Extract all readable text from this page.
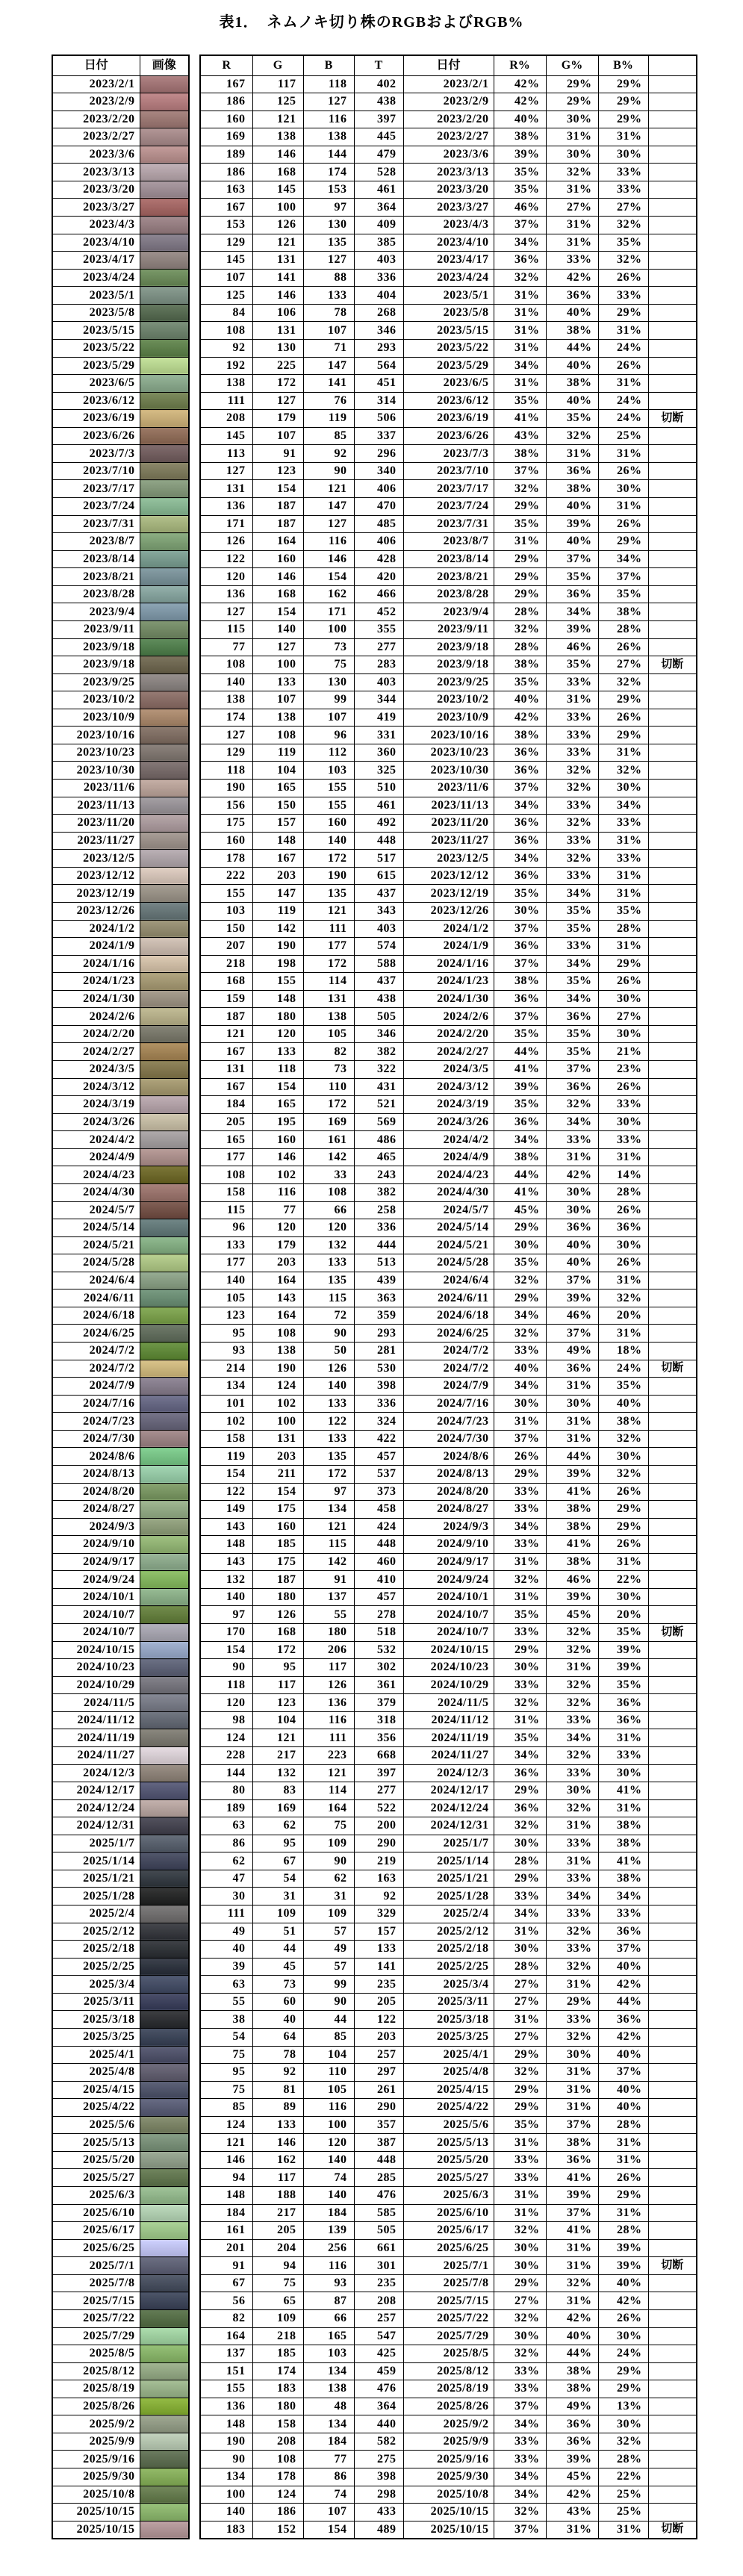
表1．　ネムノキ切り株のRGBおよびRGB%
日付	画像
2023/2/1	
2023/2/9	
2023/2/20	
2023/2/27	
2023/3/6	
2023/3/13	
2023/3/20	
2023/3/27	
2023/4/3	
2023/4/10	
2023/4/17	
2023/4/24	
2023/5/1	
2023/5/8	
2023/5/15	
2023/5/22	
2023/5/29	
2023/6/5	
2023/6/12	
2023/6/19	
2023/6/26	
2023/7/3	
2023/7/10	
2023/7/17	
2023/7/24	
2023/7/31	
2023/8/7	
2023/8/14	
2023/8/21	
2023/8/28	
2023/9/4	
2023/9/11	
2023/9/18	
2023/9/18	
2023/9/25	
2023/10/2	
2023/10/9	
2023/10/16	
2023/10/23	
2023/10/30	
2023/11/6	
2023/11/13	
2023/11/20	
2023/11/27	
2023/12/5	
2023/12/12	
2023/12/19	
2023/12/26	
2024/1/2	
2024/1/9	
2024/1/16	
2024/1/23	
2024/1/30	
2024/2/6	
2024/2/20	
2024/2/27	
2024/3/5	
2024/3/12	
2024/3/19	
2024/3/26	
2024/4/2	
2024/4/9	
2024/4/23	
2024/4/30	
2024/5/7	
2024/5/14	
2024/5/21	
2024/5/28	
2024/6/4	
2024/6/11	
2024/6/18	
2024/6/25	
2024/7/2	
2024/7/2	
2024/7/9	
2024/7/16	
2024/7/23	
2024/7/30	
2024/8/6	
2024/8/13	
2024/8/20	
2024/8/27	
2024/9/3	
2024/9/10	
2024/9/17	
2024/9/24	
2024/10/1	
2024/10/7	
2024/10/7	
2024/10/15	
2024/10/23	
2024/10/29	
2024/11/5	
2024/11/12	
2024/11/19	
2024/11/27	
2024/12/3	
2024/12/17	
2024/12/24	
2024/12/31	
2025/1/7	
2025/1/14	
2025/1/21	
2025/1/28	
2025/2/4	
2025/2/12	
2025/2/18	
2025/2/25	
2025/3/4	
2025/3/11	
2025/3/18	
2025/3/25	
2025/4/1	
2025/4/8	
2025/4/15	
2025/4/22	
2025/5/6	
2025/5/13	
2025/5/20	
2025/5/27	
2025/6/3	
2025/6/10	
2025/6/17	
2025/6/25	
2025/7/1	
2025/7/8	
2025/7/15	
2025/7/22	
2025/7/29	
2025/8/5	
2025/8/12	
2025/8/19	
2025/8/26	
2025/9/2	
2025/9/9	
2025/9/16	
2025/9/30	
2025/10/8	
2025/10/15	
2025/10/15	
R	G	B	T	日付	R%	G%	B%	
167	117	118	402	2023/2/1	42%	29%	29%	
186	125	127	438	2023/2/9	42%	29%	29%	
160	121	116	397	2023/2/20	40%	30%	29%	
169	138	138	445	2023/2/27	38%	31%	31%	
189	146	144	479	2023/3/6	39%	30%	30%	
186	168	174	528	2023/3/13	35%	32%	33%	
163	145	153	461	2023/3/20	35%	31%	33%	
167	100	97	364	2023/3/27	46%	27%	27%	
153	126	130	409	2023/4/3	37%	31%	32%	
129	121	135	385	2023/4/10	34%	31%	35%	
145	131	127	403	2023/4/17	36%	33%	32%	
107	141	88	336	2023/4/24	32%	42%	26%	
125	146	133	404	2023/5/1	31%	36%	33%	
84	106	78	268	2023/5/8	31%	40%	29%	
108	131	107	346	2023/5/15	31%	38%	31%	
92	130	71	293	2023/5/22	31%	44%	24%	
192	225	147	564	2023/5/29	34%	40%	26%	
138	172	141	451	2023/6/5	31%	38%	31%	
111	127	76	314	2023/6/12	35%	40%	24%	
208	179	119	506	2023/6/19	41%	35%	24%	切断
145	107	85	337	2023/6/26	43%	32%	25%	
113	91	92	296	2023/7/3	38%	31%	31%	
127	123	90	340	2023/7/10	37%	36%	26%	
131	154	121	406	2023/7/17	32%	38%	30%	
136	187	147	470	2023/7/24	29%	40%	31%	
171	187	127	485	2023/7/31	35%	39%	26%	
126	164	116	406	2023/8/7	31%	40%	29%	
122	160	146	428	2023/8/14	29%	37%	34%	
120	146	154	420	2023/8/21	29%	35%	37%	
136	168	162	466	2023/8/28	29%	36%	35%	
127	154	171	452	2023/9/4	28%	34%	38%	
115	140	100	355	2023/9/11	32%	39%	28%	
77	127	73	277	2023/9/18	28%	46%	26%	
108	100	75	283	2023/9/18	38%	35%	27%	切断
140	133	130	403	2023/9/25	35%	33%	32%	
138	107	99	344	2023/10/2	40%	31%	29%	
174	138	107	419	2023/10/9	42%	33%	26%	
127	108	96	331	2023/10/16	38%	33%	29%	
129	119	112	360	2023/10/23	36%	33%	31%	
118	104	103	325	2023/10/30	36%	32%	32%	
190	165	155	510	2023/11/6	37%	32%	30%	
156	150	155	461	2023/11/13	34%	33%	34%	
175	157	160	492	2023/11/20	36%	32%	33%	
160	148	140	448	2023/11/27	36%	33%	31%	
178	167	172	517	2023/12/5	34%	32%	33%	
222	203	190	615	2023/12/12	36%	33%	31%	
155	147	135	437	2023/12/19	35%	34%	31%	
103	119	121	343	2023/12/26	30%	35%	35%	
150	142	111	403	2024/1/2	37%	35%	28%	
207	190	177	574	2024/1/9	36%	33%	31%	
218	198	172	588	2024/1/16	37%	34%	29%	
168	155	114	437	2024/1/23	38%	35%	26%	
159	148	131	438	2024/1/30	36%	34%	30%	
187	180	138	505	2024/2/6	37%	36%	27%	
121	120	105	346	2024/2/20	35%	35%	30%	
167	133	82	382	2024/2/27	44%	35%	21%	
131	118	73	322	2024/3/5	41%	37%	23%	
167	154	110	431	2024/3/12	39%	36%	26%	
184	165	172	521	2024/3/19	35%	32%	33%	
205	195	169	569	2024/3/26	36%	34%	30%	
165	160	161	486	2024/4/2	34%	33%	33%	
177	146	142	465	2024/4/9	38%	31%	31%	
108	102	33	243	2024/4/23	44%	42%	14%	
158	116	108	382	2024/4/30	41%	30%	28%	
115	77	66	258	2024/5/7	45%	30%	26%	
96	120	120	336	2024/5/14	29%	36%	36%	
133	179	132	444	2024/5/21	30%	40%	30%	
177	203	133	513	2024/5/28	35%	40%	26%	
140	164	135	439	2024/6/4	32%	37%	31%	
105	143	115	363	2024/6/11	29%	39%	32%	
123	164	72	359	2024/6/18	34%	46%	20%	
95	108	90	293	2024/6/25	32%	37%	31%	
93	138	50	281	2024/7/2	33%	49%	18%	
214	190	126	530	2024/7/2	40%	36%	24%	切断
134	124	140	398	2024/7/9	34%	31%	35%	
101	102	133	336	2024/7/16	30%	30%	40%	
102	100	122	324	2024/7/23	31%	31%	38%	
158	131	133	422	2024/7/30	37%	31%	32%	
119	203	135	457	2024/8/6	26%	44%	30%	
154	211	172	537	2024/8/13	29%	39%	32%	
122	154	97	373	2024/8/20	33%	41%	26%	
149	175	134	458	2024/8/27	33%	38%	29%	
143	160	121	424	2024/9/3	34%	38%	29%	
148	185	115	448	2024/9/10	33%	41%	26%	
143	175	142	460	2024/9/17	31%	38%	31%	
132	187	91	410	2024/9/24	32%	46%	22%	
140	180	137	457	2024/10/1	31%	39%	30%	
97	126	55	278	2024/10/7	35%	45%	20%	
170	168	180	518	2024/10/7	33%	32%	35%	切断
154	172	206	532	2024/10/15	29%	32%	39%	
90	95	117	302	2024/10/23	30%	31%	39%	
118	117	126	361	2024/10/29	33%	32%	35%	
120	123	136	379	2024/11/5	32%	32%	36%	
98	104	116	318	2024/11/12	31%	33%	36%	
124	121	111	356	2024/11/19	35%	34%	31%	
228	217	223	668	2024/11/27	34%	32%	33%	
144	132	121	397	2024/12/3	36%	33%	30%	
80	83	114	277	2024/12/17	29%	30%	41%	
189	169	164	522	2024/12/24	36%	32%	31%	
63	62	75	200	2024/12/31	32%	31%	38%	
86	95	109	290	2025/1/7	30%	33%	38%	
62	67	90	219	2025/1/14	28%	31%	41%	
47	54	62	163	2025/1/21	29%	33%	38%	
30	31	31	92	2025/1/28	33%	34%	34%	
111	109	109	329	2025/2/4	34%	33%	33%	
49	51	57	157	2025/2/12	31%	32%	36%	
40	44	49	133	2025/2/18	30%	33%	37%	
39	45	57	141	2025/2/25	28%	32%	40%	
63	73	99	235	2025/3/4	27%	31%	42%	
55	60	90	205	2025/3/11	27%	29%	44%	
38	40	44	122	2025/3/18	31%	33%	36%	
54	64	85	203	2025/3/25	27%	32%	42%	
75	78	104	257	2025/4/1	29%	30%	40%	
95	92	110	297	2025/4/8	32%	31%	37%	
75	81	105	261	2025/4/15	29%	31%	40%	
85	89	116	290	2025/4/22	29%	31%	40%	
124	133	100	357	2025/5/6	35%	37%	28%	
121	146	120	387	2025/5/13	31%	38%	31%	
146	162	140	448	2025/5/20	33%	36%	31%	
94	117	74	285	2025/5/27	33%	41%	26%	
148	188	140	476	2025/6/3	31%	39%	29%	
184	217	184	585	2025/6/10	31%	37%	31%	
161	205	139	505	2025/6/17	32%	41%	28%	
201	204	256	661	2025/6/25	30%	31%	39%	
91	94	116	301	2025/7/1	30%	31%	39%	切断
67	75	93	235	2025/7/8	29%	32%	40%	
56	65	87	208	2025/7/15	27%	31%	42%	
82	109	66	257	2025/7/22	32%	42%	26%	
164	218	165	547	2025/7/29	30%	40%	30%	
137	185	103	425	2025/8/5	32%	44%	24%	
151	174	134	459	2025/8/12	33%	38%	29%	
155	183	138	476	2025/8/19	33%	38%	29%	
136	180	48	364	2025/8/26	37%	49%	13%	
148	158	134	440	2025/9/2	34%	36%	30%	
190	208	184	582	2025/9/9	33%	36%	32%	
90	108	77	275	2025/9/16	33%	39%	28%	
134	178	86	398	2025/9/30	34%	45%	22%	
100	124	74	298	2025/10/8	34%	42%	25%	
140	186	107	433	2025/10/15	32%	43%	25%	
183	152	154	489	2025/10/15	37%	31%	31%	切断
